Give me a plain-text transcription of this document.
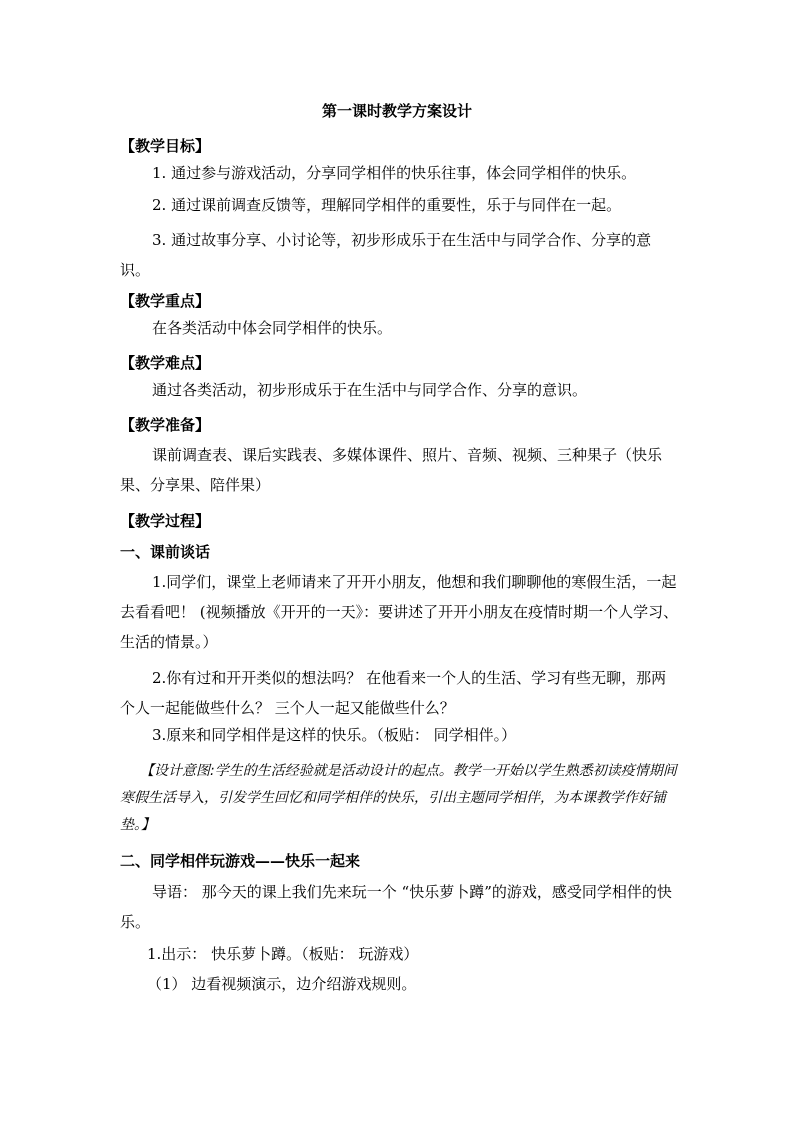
第一课时教学方案设计
【教学目标】
1. 通过参与游戏活动，分享同学相伴的快乐往事，体会同学相伴的快乐。
2. 通过课前调查反馈等，理解同学相伴的重要性，乐于与同伴在一起。
3. 通过故事分享、小讨论等，初步形成乐于在生活中与同学合作、分享的意识。
【教学重点】
在各类活动中体会同学相伴的快乐。
【教学难点】
通过各类活动，初步形成乐于在生活中与同学合作、分享的意识。
【教学准备】
课前调查表、课后实践表、多媒体课件、照片、音频、视频、三种果子（快乐果、分享果、陪伴果）
【教学过程】
一、课前谈话
1.同学们，课堂上老师请来了开开小朋友，他想和我们聊聊他的寒假生活，一起去看看吧！ (视频播放《开开的一天》：要讲述了开开小朋友在疫情时期一个人学习、生活的情景。）
2.你有过和开开类似的想法吗？ 在他看来一个人的生活、学习有些无聊，那两个人一起能做些什么？ 三个人一起又能做些什么？
3.原来和同学相伴是这样的快乐。（板贴： 同学相伴。）
【设计意图:学生的生活经验就是活动设计的起点。教学一开始以学生熟悉初读疫情期间寒假生活导入，引发学生回忆和同学相伴的快乐，引出主题同学相伴，为本课教学作好铺垫。】
二、同学相伴玩游戏——快乐一起来
导语： 那今天的课上我们先来玩一个 “快乐萝卜蹲”的游戏，感受同学相伴的快乐。
1.出示： 快乐萝卜蹲。（板贴： 玩游戏）
（1） 边看视频演示，边介绍游戏规则。
